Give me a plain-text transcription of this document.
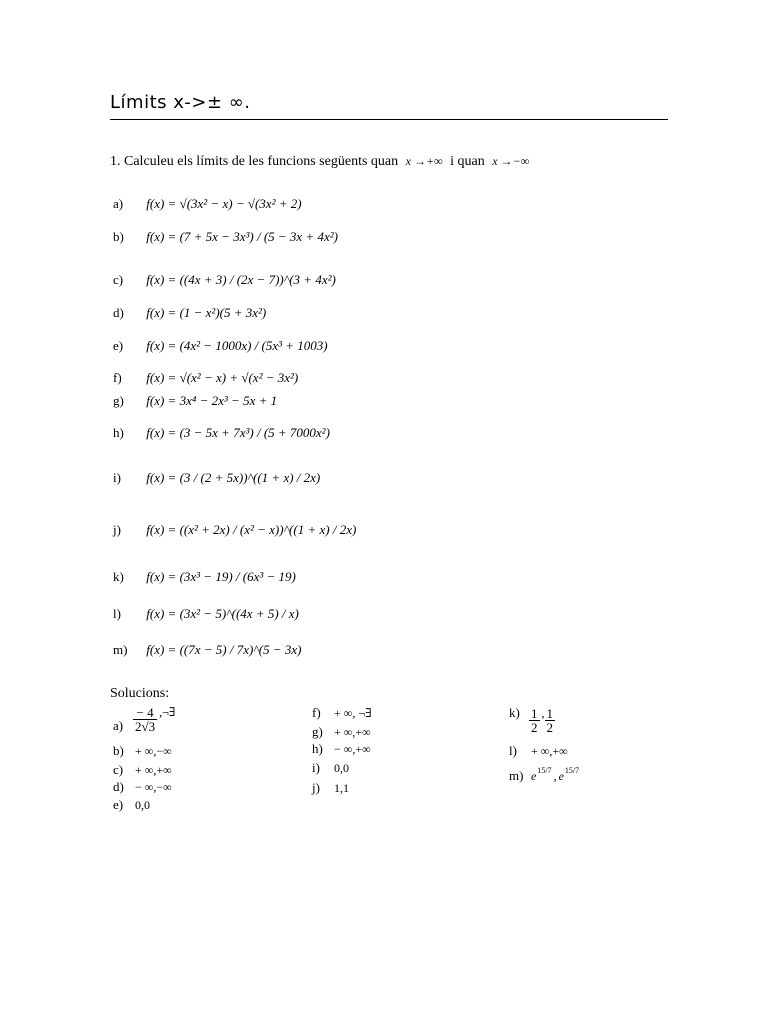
Límits x->± ∞.
1. Calculeu els límits de les funcions següents quan x →+∞ i quan x →−∞
a) f(x) = √(3x² − x) − √(3x² + 2)
b) f(x) = (7 + 5x − 3x³) / (5 − 3x + 4x²)
c) f(x) = ((4x + 3) / (2x − 7))^(3 + 4x²)
d) f(x) = (1 − x²)(5 + 3x²)
e) f(x) = (4x² − 1000x) / (5x³ + 1003)
f) f(x) = √(x² − x) + √(x² − 3x²)
g) f(x) = 3x⁴ − 2x³ − 5x + 1
h) f(x) = (3 − 5x + 7x³) / (5 + 7000x²)
i) f(x) = (3 / (2 + 5x))^((1 + x) / 2x)
j) f(x) = ((x² + 2x) / (x² − x))^((1 + x) / 2x)
k) f(x) = (3x³ − 19) / (6x³ − 19)
l) f(x) = (3x² − 5)^((4x + 5) / x)
m) f(x) = ((7x − 5) / 7x)^(5 − 3x)
Solucions:
$a) \frac{- 4}{2√3}$ ,¬∃
b) + ∞,−∞
c) + ∞,+∞
d) − ∞,−∞
e) 0,0
f)	+ ∞, ¬∃
g) + ∞,+∞
h) − ∞,+∞
i)	0,0
j)	1,1
$k) \frac{1}{2}$ , $\frac{1}{2}$
l)	+ ∞,+∞
m) e 15/7 , e 15/7
